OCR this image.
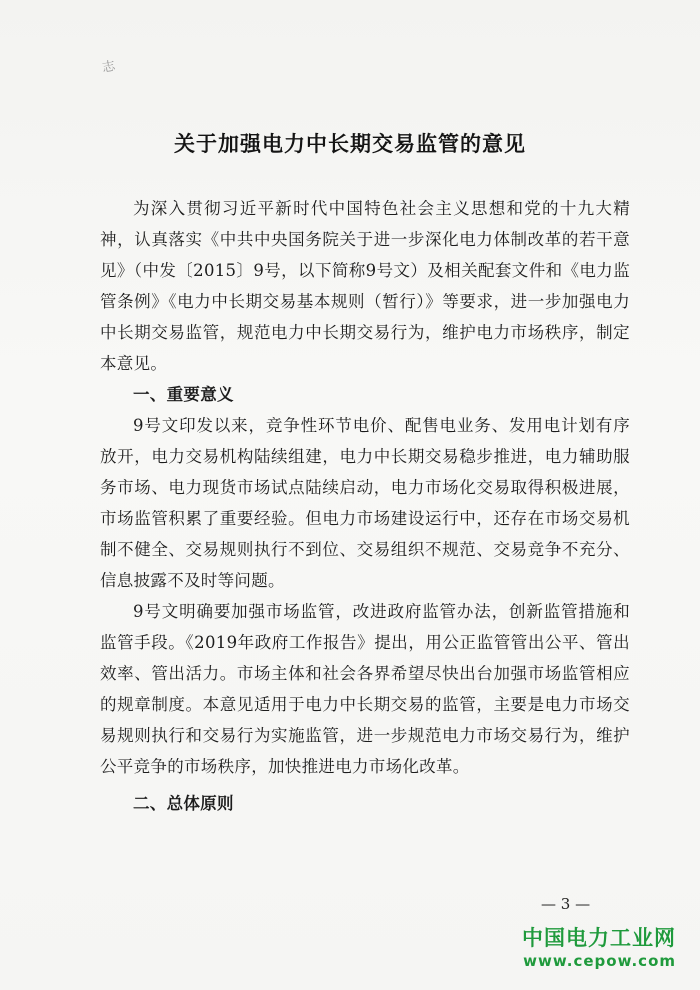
志
关于加强电力中长期交易监管的意见

为深入贯彻习近平新时代中国特色社会主义思想和党的十九大精神，认真落实《中共中央国务院关于进一步深化电力体制改革的若干意见》（中发〔2015〕9号，以下简称9号文）及相关配套文件和《电力监管条例》《电力中长期交易基本规则（暂行）》等要求，进一步加强电力中长期交易监管，规范电力中长期交易行为，维护电力市场秩序，制定本意见。

一、重要意义

9号文印发以来，竞争性环节电价、配售电业务、发用电计划有序放开，电力交易机构陆续组建，电力中长期交易稳步推进，电力辅助服务市场、电力现货市场试点陆续启动，电力市场化交易取得积极进展，市场监管积累了重要经验。但电力市场建设运行中，还存在市场交易机制不健全、交易规则执行不到位、交易组织不规范、交易竞争不充分、信息披露不及时等问题。

9号文明确要加强市场监管，改进政府监管办法，创新监管措施和监管手段。《2019年政府工作报告》提出，用公正监管管出公平、管出效率、管出活力。市场主体和社会各界希望尽快出台加强市场监管相应的规章制度。本意见适用于电力中长期交易的监管，主要是电力市场交易规则执行和交易行为实施监管，进一步规范电力市场交易行为，维护公平竞争的市场秩序，加快推进电力市场化改革。

二、总体原则

— 3 —
中国电力工业网
www.cepow.com
